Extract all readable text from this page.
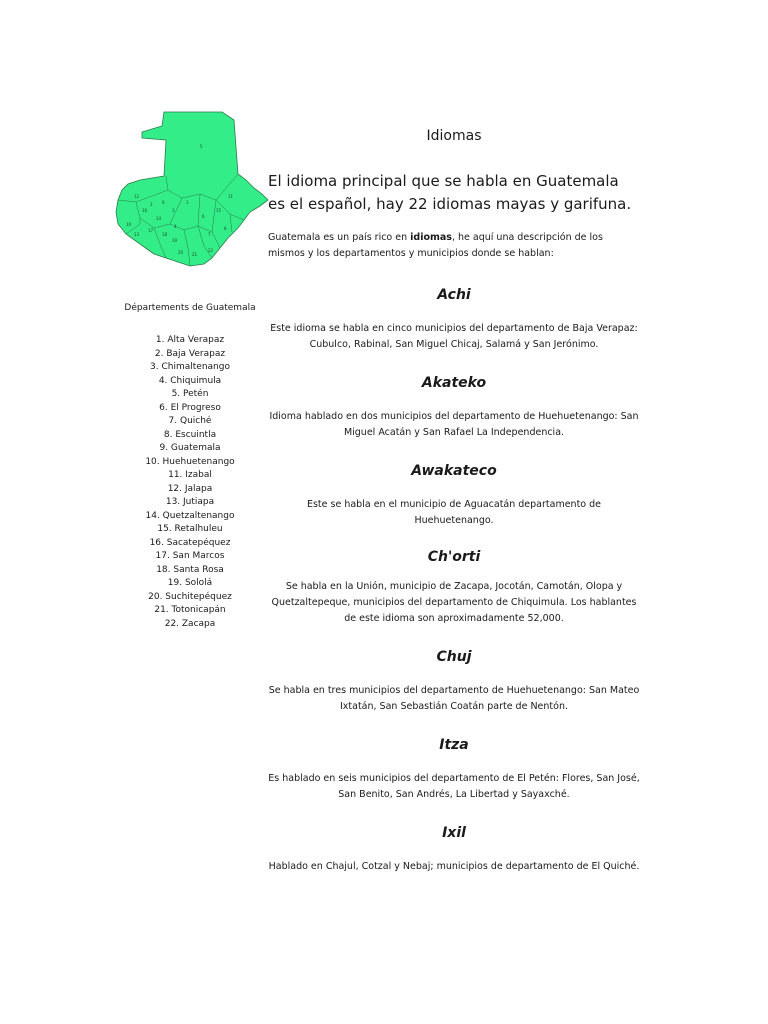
5
12
16
1
10
13
17
18
19
20 21
22
14
3
6
7
8
9
11
2
4
15
Départements de Guatemala
1. Alta Verapaz
2. Baja Verapaz
3. Chimaltenango
4. Chiquimula
5. Petén
6. El Progreso
7. Quiché
8. Escuintla
9. Guatemala
10. Huehuetenango
11. Izabal
12. Jalapa
13. Jutiapa
14. Quetzaltenango
15. Retalhuleu
16. Sacatepéquez
17. San Marcos
18. Santa Rosa
19. Sololá
20. Suchitepéquez
21. Totonicapán
22. Zacapa
Idiomas

El idioma principal que se habla en Guatemala es el español, hay 22 idiomas mayas y garifuna.

Guatemala es un país rico en idiomas, he aquí una descripción de los mismos y los departamentos y municipios donde se hablan:

Achi

Este idioma se habla en cinco municipios del departamento de Baja Verapaz: Cubulco, Rabinal, San Miguel Chicaj, Salamá y San Jerónimo.

Akateko

Idioma hablado en dos municipios del departamento de Huehuetenango: San Miguel Acatán y San Rafael La Independencia.

Awakateco

Este se habla en el municipio de Aguacatán departamento de Huehuetenango.

Ch'orti

Se habla en la Unión, municipio de Zacapa, Jocotán, Camotán, Olopa y Quetzaltepeque, municipios del departamento de Chiquimula. Los hablantes de este idioma son aproximadamente 52,000.

Chuj

Se habla en tres municipios del departamento de Huehuetenango: San Mateo Ixtatán, San Sebastián Coatán parte de Nentón.

Itza

Es hablado en seis municipios del departamento de El Petén: Flores, San José, San Benito, San Andrés, La Libertad y Sayaxché.

Ixil

Hablado en Chajul, Cotzal y Nebaj; municipios de departamento de El Quiché.
